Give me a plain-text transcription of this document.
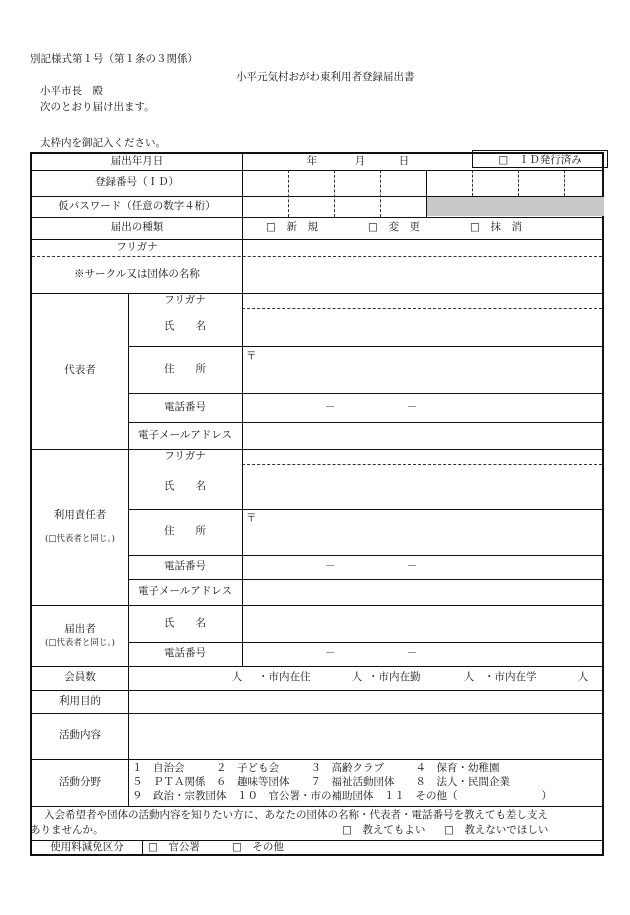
別記様式第１号（第１条の３関係）
小平元気村おがわ東利用者登録届出書
小平市長　殿
次のとおり届け出ます。
太枠内を御記入ください。
□　ＩＤ発行済み
届出年月日	年	月	日
登録番号（ＩＤ）
仮パスワード（任意の数字４桁）
届出の種類	□　新　規	□　変　更	□　抹　消
フリガナ
※サークル又は団体の名称
代表者
フリガナ
氏　　名
住　　所
〒
電話番号	－	－
電子メールアドレス
利用責任者
(□代表者と同じ。)
フリガナ
氏　　名
住　　所
〒
電話番号	－	－
電子メールアドレス
届出者
(□代表者と同じ。)
氏　　名
電話番号	－	－
会員数	人 ・市内在住	人 ・市内在勤	人 ・市内在学	人
利用目的
活動内容
活動分野
１　自治会　　　２　子ども会　　　３　高齢クラブ　　　４　保育・幼稚園
５　ＰＴＡ関係　６　趣味等団体　　７　福祉活動団体　　８　法人・民間企業
９　政治・宗教団体　１０　官公署・市の補助団体　１１　その他（　　　　　　　　）
入会希望者や団体の活動内容を知りたい方に、あなたの団体の名称・代表者・電話番号を教えても差し支え
ありませんか。	□　教えてもよい □　教えないでほしい
使用料減免区分	□　官公署	□　その他
